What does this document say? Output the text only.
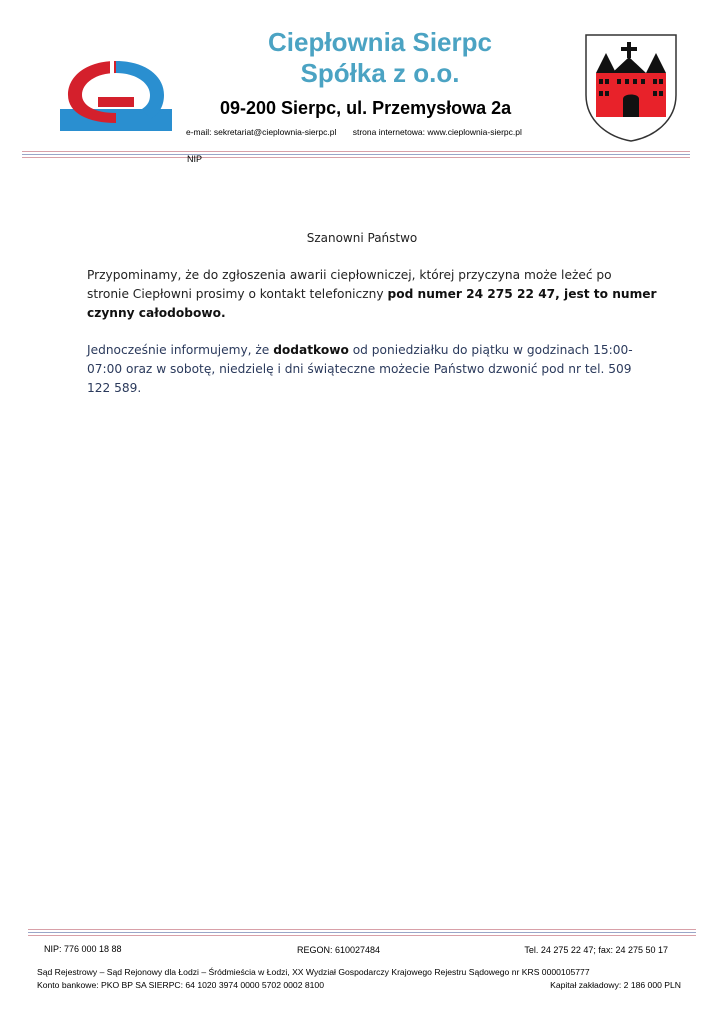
Ciepłownia Sierpc
Spółka z o.o.
09-200 Sierpc, ul. Przemysłowa 2a
e-mail: sekretariat@cieplownia-sierpc.pl strona internetowa: www.cieplownia-sierpc.pl
NIP
Szanowni Państwo
Przypominamy, że do zgłoszenia awarii ciepłowniczej, której przyczyna może leżeć po stronie Ciepłowni prosimy o kontakt telefoniczny pod numer 24 275 22 47, jest to numer czynny całodobowo.
Jednocześnie informujemy, że dodatkowo od poniedziałku do piątku w godzinach 15:00-07:00 oraz w sobotę, niedzielę i dni świąteczne możecie Państwo dzwonić pod nr tel. 509 122 589.
NIP: 776 000 18 88	REGON: 610027484	Tel. 24 275 22 47; fax: 24 275 50 17
Sąd Rejestrowy – Sąd Rejonowy dla Łodzi – Śródmieścia w Łodzi, XX Wydział Gospodarczy Krajowego Rejestru Sądowego nr KRS 0000105777
Konto bankowe: PKO BP SA SIERPC: 64 1020 3974 0000 5702 0002 8100	Kapitał zakładowy: 2 186 000 PLN
